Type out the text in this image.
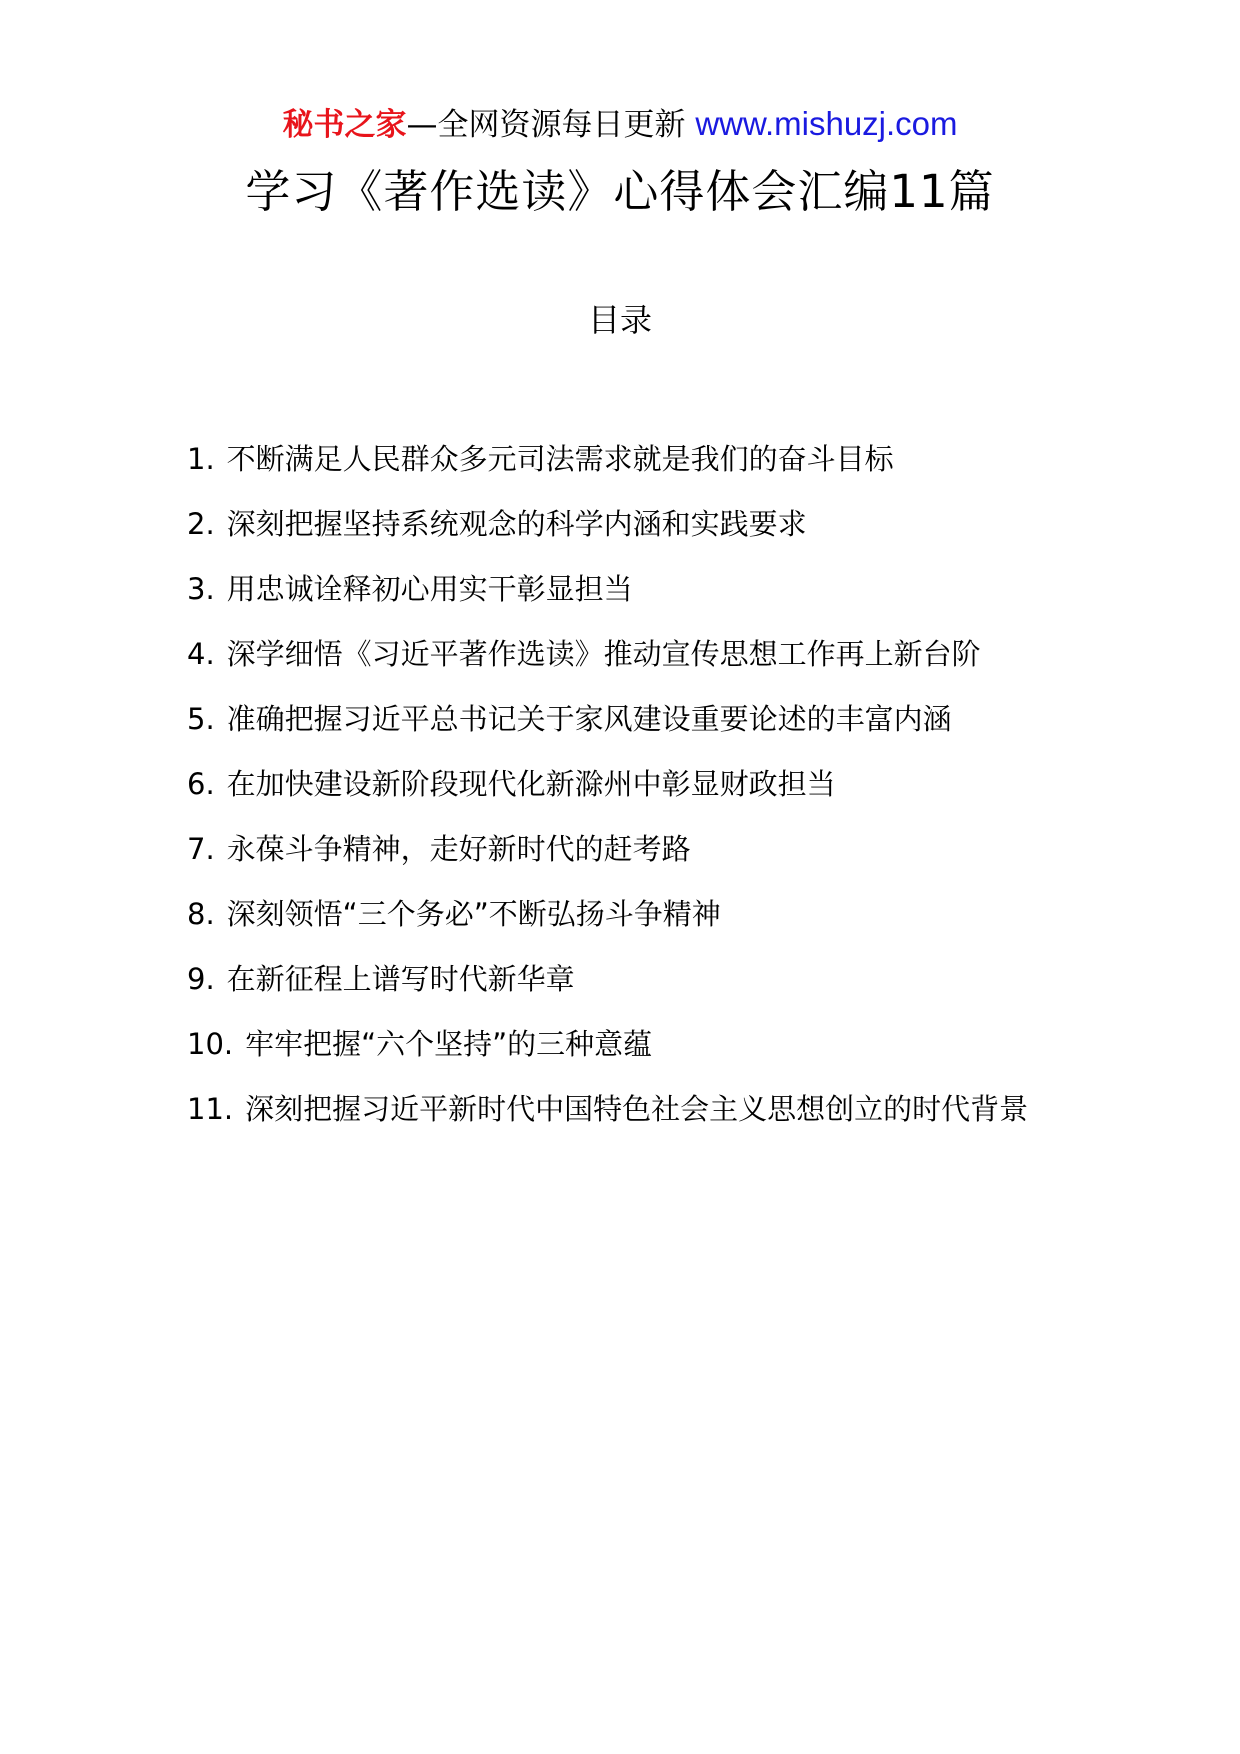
秘书之家—全网资源每日更新 www.mishuzj.com
学习《著作选读》心得体会汇编11篇
目录
1. 不断满足人民群众多元司法需求就是我们的奋斗目标
2. 深刻把握坚持系统观念的科学内涵和实践要求
3. 用忠诚诠释初心用实干彰显担当
4. 深学细悟《习近平著作选读》推动宣传思想工作再上新台阶
5. 准确把握习近平总书记关于家风建设重要论述的丰富内涵
6. 在加快建设新阶段现代化新滁州中彰显财政担当
7. 永葆斗争精神，走好新时代的赶考路
8. 深刻领悟“三个务必”不断弘扬斗争精神
9. 在新征程上谱写时代新华章
10. 牢牢把握“六个坚持”的三种意蕴
11. 深刻把握习近平新时代中国特色社会主义思想创立的时代背景
